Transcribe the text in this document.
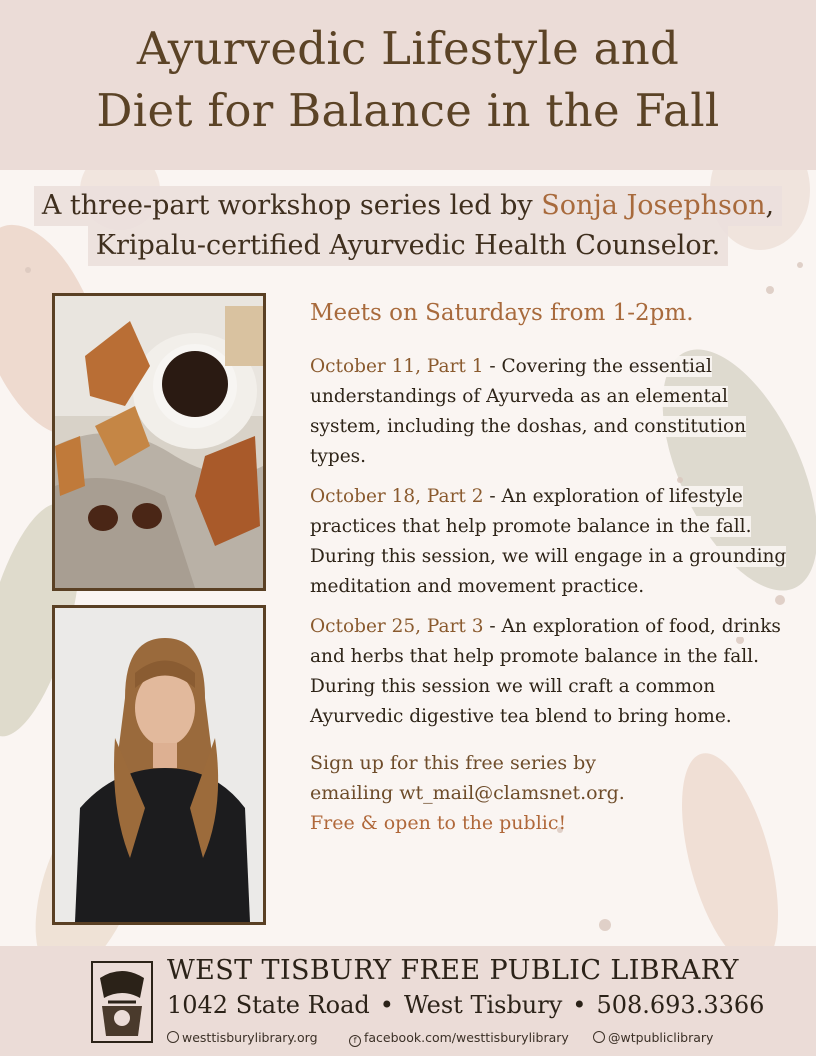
Ayurvedic Lifestyle and
Diet for Balance in the Fall
A three-part workshop series led by Sonja Josephson,
Kripalu-certified Ayurvedic Health Counselor.

Meets on Saturdays from 1-2pm.

October 11, Part 1 - Covering the essential understandings of Ayurveda as an elemental system, including the doshas, and constitution types.

October 18, Part 2 - An exploration of lifestyle practices that help promote balance in the fall. During this session, we will engage in a grounding meditation and movement practice.

October 25, Part 3 - An exploration of food, drinks and herbs that help promote balance in the fall. During this session we will craft a common Ayurvedic digestive tea blend to bring home.

Sign up for this free series by
emailing wt_mail@clamsnet.org.
Free & open to the public!
WEST TISBURY FREE PUBLIC LIBRARY
1042 State Road • West Tisbury • 508.693.3366
westtisburylibrary.org	f facebook.com/westtisburylibrary	@wtpubliclibrary
